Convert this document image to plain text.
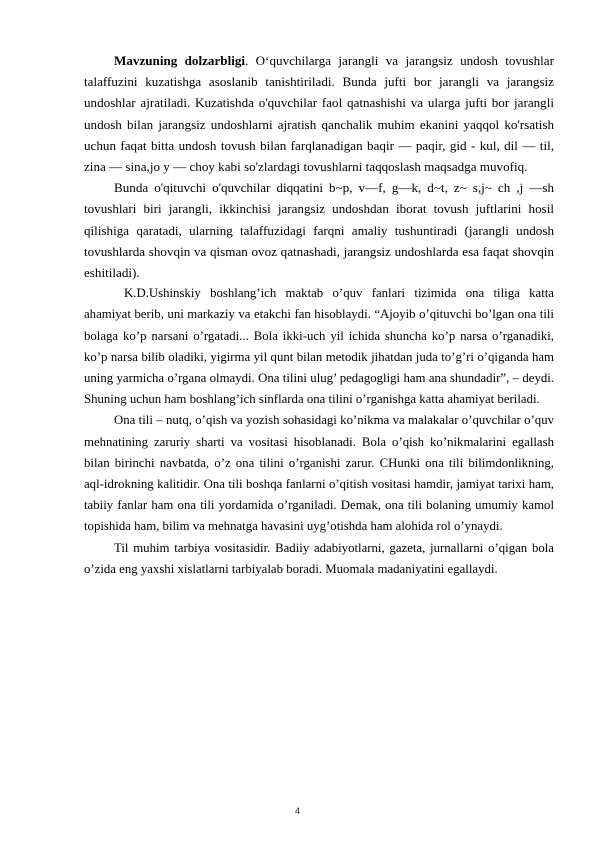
Mavzuning dolzarbligi. O‘quvchilarga jarangli va jarangsiz undosh tovushlar talaffuzini kuzatishga asoslanib tanishtiriladi. Bunda jufti bor jarangli va jarangsiz undoshlar ajratiladi. Kuzatishda o'quvchilar faol qatnashishi va ularga jufti bor jarangli undosh bilan jarangsiz undoshlarni ajratish qanchalik muhim ekanini yaqqol ko'rsatish uchun faqat bitta undosh tovush bilan farqlanadigan baqir — paqir, gid - kul, dil — til, zina — sina,jo y — choy kabi so'zlardagi tovushlarni taqqoslash maqsadga muvofiq.

Bunda o'qituvchi o'quvchilar diqqatini b~p, v—f, g—k, d~t, z~ s,j~ ch ,j —sh tovushlari biri jarangli, ikkinchisi jarangsiz undoshdan iborat tovush juftlarini hosil qilishiga qaratadi, ularning talaffuzidagi farqni amaliy tushuntiradi (jarangli undosh tovushlarda shovqin va qisman ovoz qatnashadi, jarangsiz undoshlarda esa faqat shovqin eshitiladi).

K.D.Ushinskiy boshlang’ich maktab o’quv fanlari tizimida ona tiliga katta ahamiyat berib, uni markaziy va etakchi fan hisoblaydi. “Ajoyib o’qituvchi bo’lgan ona tili bolaga ko’p narsani o’rgatadi... Bola ikki-uch yil ichida shuncha ko’p narsa o’rganadiki, ko’p narsa bilib oladiki, yigirma yil qunt bilan metodik jihatdan juda to’g’ri o’qiganda ham uning yarmicha o’rgana olmaydi. Ona tilini ulug’ pedagogligi ham ana shundadir”, – deydi. Shuning uchun ham boshlang’ich sinflarda ona tilini o’rganishga katta ahamiyat beriladi.

Ona tili – nutq, o’qish va yozish sohasidagi ko’nikma va malakalar o’quvchilar o’quv mehnatining zaruriy sharti va vositasi hisoblanadi. Bola o’qish ko’nikmalarini egallash bilan birinchi navbatda, o’z ona tilini o’rganishi zarur. CHunki ona tili bilimdonlikning, aql-idrokning kalitidir. Ona tili boshqa fanlarni o’qitish vositasi hamdir, jamiyat tarixi ham, tabiiy fanlar ham ona tili yordamida o’rganiladi. Demak, ona tili bolaning umumiy kamol topishida ham, bilim va mehnatga havasini uyg’otishda ham alohida rol o’ynaydi.

Til muhim tarbiya vositasidir. Badiiy adabiyotlarni, gazeta, jurnallarni o’qigan bola o’zida eng yaxshi xislatlarni tarbiyalab boradi. Muomala madaniyatini egallaydi.

4
